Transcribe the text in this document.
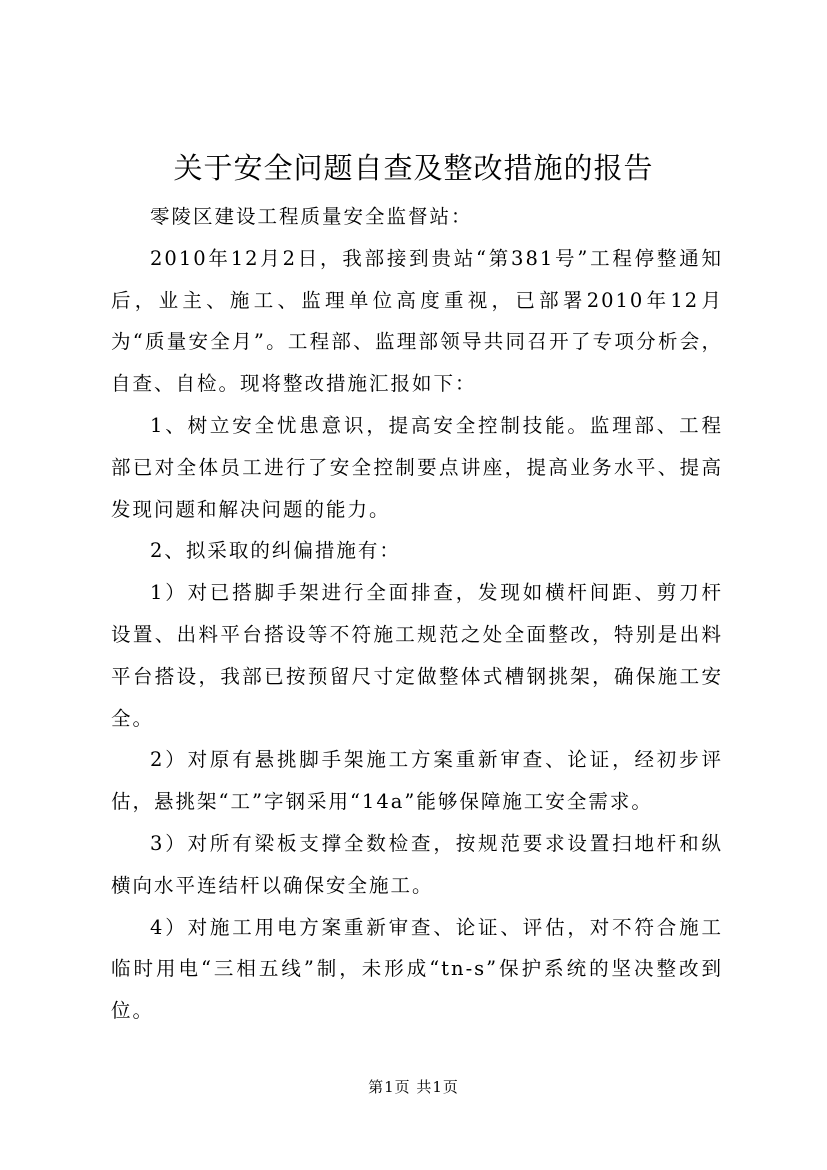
关于安全问题自查及整改措施的报告

零陵区建设工程质量安全监督站：

2010年12月2日，我部接到贵站“第381号”工程停整通知后，业主、施工、监理单位高度重视，已部署2010年12月为“质量安全月”。工程部、监理部领导共同召开了专项分析会，自查、自检。现将整改措施汇报如下：

1、树立安全忧患意识，提高安全控制技能。监理部、工程部已对全体员工进行了安全控制要点讲座，提高业务水平、提高发现问题和解决问题的能力。

2、拟采取的纠偏措施有：

1）对已搭脚手架进行全面排查，发现如横杆间距、剪刀杆设置、出料平台搭设等不符施工规范之处全面整改，特别是出料平台搭设，我部已按预留尺寸定做整体式槽钢挑架，确保施工安全。

2）对原有悬挑脚手架施工方案重新审查、论证，经初步评估，悬挑架“工”字钢采用“14a”能够保障施工安全需求。

3）对所有梁板支撑全数检查，按规范要求设置扫地杆和纵横向水平连结杆以确保安全施工。

4）对施工用电方案重新审查、论证、评估，对不符合施工临时用电“三相五线”制，未形成“tn-s”保护系统的坚决整改到位。

第1页 共1页
